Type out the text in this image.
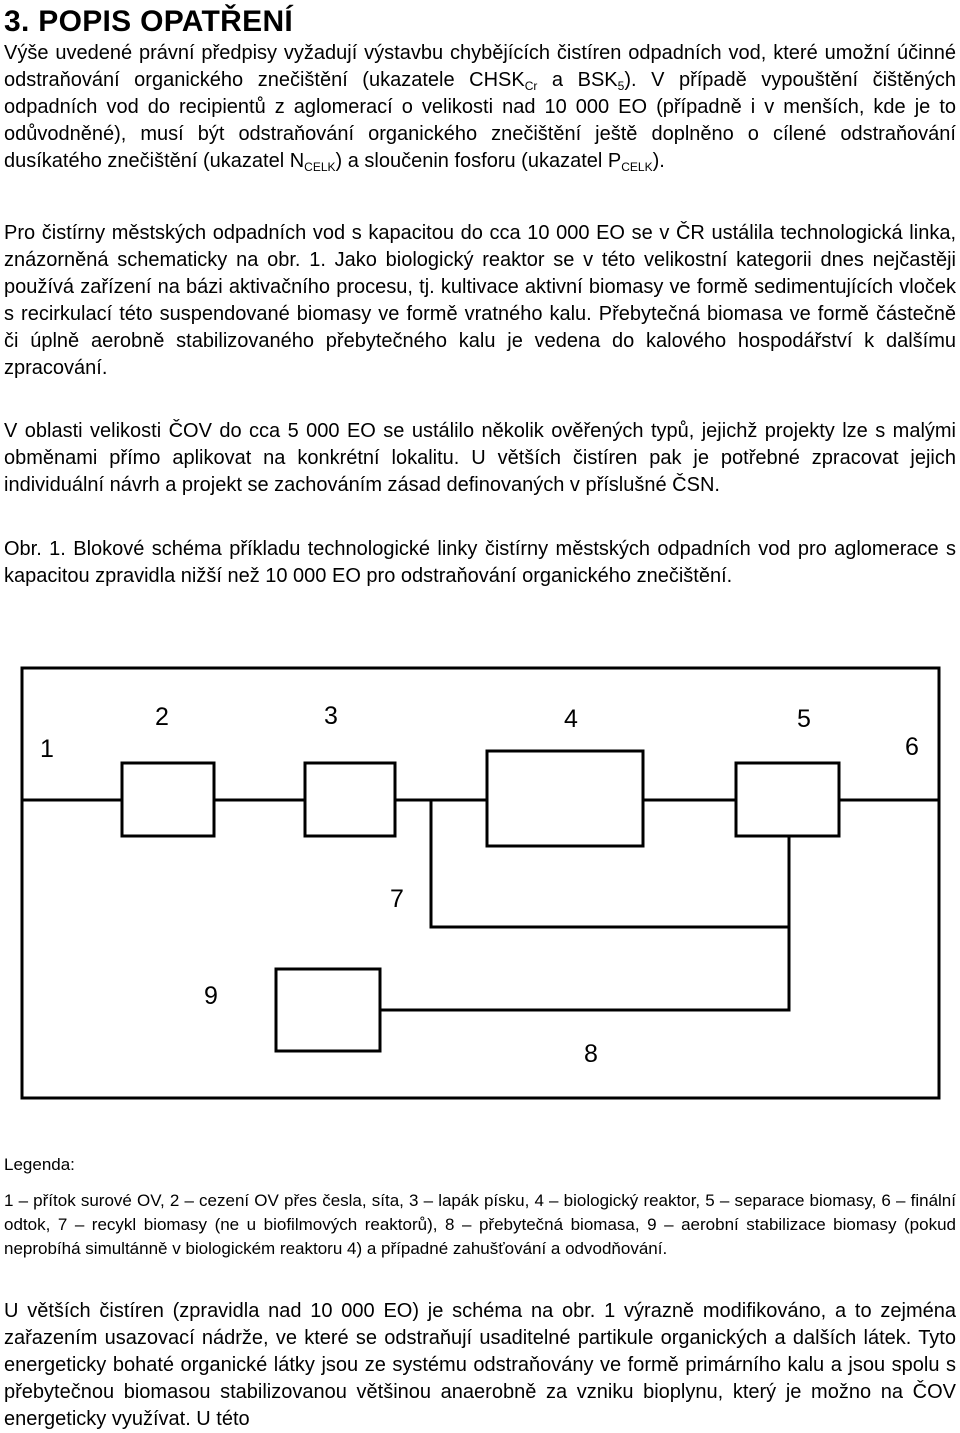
3. POPIS OPATŘENÍ

Výše uvedené právní předpisy vyžadují výstavbu chybějících čistíren odpadních vod, které umožní účinné odstraňování organického znečištění (ukazatele $CHSK_{Cr}$ a $BSK_5$). V případě vypouštění čištěných odpadních vod do recipientů z aglomerací o velikosti nad 10 000 EO (případně i v menších, kde je to odůvodněné), musí být odstraňování organického znečištění ještě doplněno o cílené odstraňování dusíkatého znečištění (ukazatel $N_{CELK}$) a sloučenin fosforu (ukazatel $P_{CELK}$).

Pro čistírny městských odpadních vod s kapacitou do cca 10 000 EO se v ČR ustálila technologická linka, znázorněná schematicky na obr. 1. Jako biologický reaktor se v této velikostní kategorii dnes nejčastěji používá zařízení na bázi aktivačního procesu, tj. kultivace aktivní biomasy ve formě sedimentujících vloček s recirkulací této suspendované biomasy ve formě vratného kalu. Přebytečná biomasa ve formě částečně či úplně aerobně stabilizovaného přebytečného kalu je vedena do kalového hospodářství k dalšímu zpracování.

V oblasti velikosti ČOV do cca 5 000 EO se ustálilo několik ověřených typů, jejichž projekty lze s malými obměnami přímo aplikovat na konkrétní lokalitu. U větších čistíren pak je potřebné zpracovat jejich individuální návrh a projekt se zachováním zásad definovaných v příslušné ČSN.

Obr. 1. Blokové schéma příkladu technologické linky čistírny městských odpadních vod pro aglomerace s kapacitou zpravidla nižší než 10 000 EO pro odstraňování organického znečištění.

1
2	3	4	5
6
7
8
9

Legenda:

1 – přítok surové OV, 2 – cezení OV přes česla, síta, 3 – lapák písku, 4 – biologický reaktor, 5 – separace biomasy, 6 – finální odtok, 7 – recykl biomasy (ne u biofilmových reaktorů), 8 – přebytečná biomasa, 9 – aerobní stabilizace biomasy (pokud neprobíhá simultánně v biologickém reaktoru 4) a případné zahušťování a odvodňování.

U větších čistíren (zpravidla nad 10 000 EO) je schéma na obr. 1 výrazně modifikováno, a to zejména zařazením usazovací nádrže, ve které se odstraňují usaditelné partikule organických a dalších látek. Tyto energeticky bohaté organické látky jsou ze systému odstraňovány ve formě primárního kalu a jsou spolu s přebytečnou biomasou stabilizovanou většinou anaerobně za vzniku bioplynu, který je možno na ČOV energeticky využívat. U této
